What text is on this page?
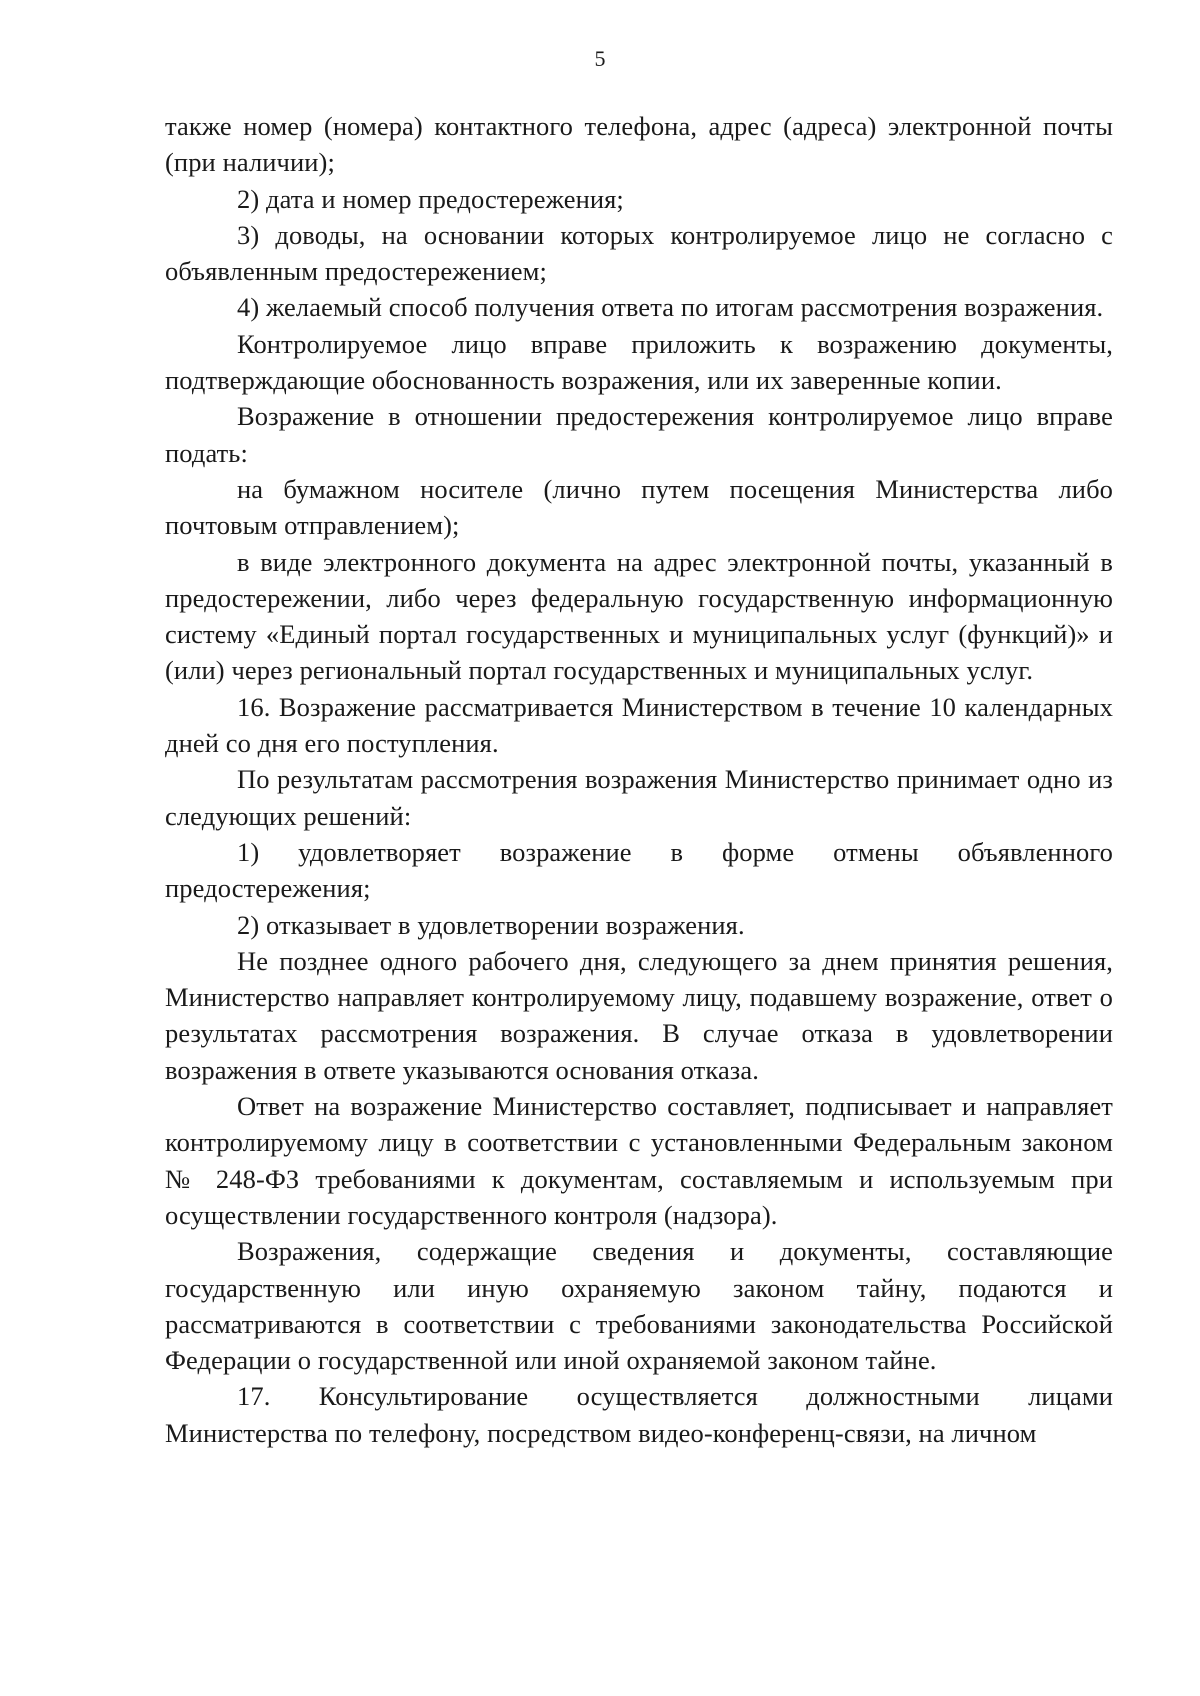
5

также номер (номера) контактного телефона, адрес (адреса) электронной почты (при наличии);

2) дата и номер предостережения;

3) доводы, на основании которых контролируемое лицо не согласно с объявленным предостережением;

4) желаемый способ получения ответа по итогам рассмотрения возражения.

Контролируемое лицо вправе приложить к возражению документы, подтверждающие обоснованность возражения, или их заверенные копии.

Возражение в отношении предостережения контролируемое лицо вправе подать:

на бумажном носителе (лично путем посещения Министерства либо почтовым отправлением);

в виде электронного документа на адрес электронной почты, указанный в предостережении, либо через федеральную государственную информационную систему «Единый портал государственных и муниципальных услуг (функций)» и (или) через региональный портал государственных и муниципальных услуг.

16. Возражение рассматривается Министерством в течение 10 календарных дней со дня его поступления.

По результатам рассмотрения возражения Министерство принимает одно из следующих решений:

1) удовлетворяет возражение в форме отмены объявленного предостережения;

2) отказывает в удовлетворении возражения.

Не позднее одного рабочего дня, следующего за днем принятия решения, Министерство направляет контролируемому лицу, подавшему возражение, ответ о результатах рассмотрения возражения. В случае отказа в удовлетворении возражения в ответе указываются основания отказа.

Ответ на возражение Министерство составляет, подписывает и направляет контролируемому лицу в соответствии с установленными Федеральным законом № 248-ФЗ требованиями к документам, составляемым и используемым при осуществлении государственного контроля (надзора).

Возражения, содержащие сведения и документы, составляющие государственную или иную охраняемую законом тайну, подаются и рассматриваются в соответствии с требованиями законодательства Российской Федерации о государственной или иной охраняемой законом тайне.

17. Консультирование осуществляется должностными лицами Министерства по телефону, посредством видео-конференц-связи, на личном
